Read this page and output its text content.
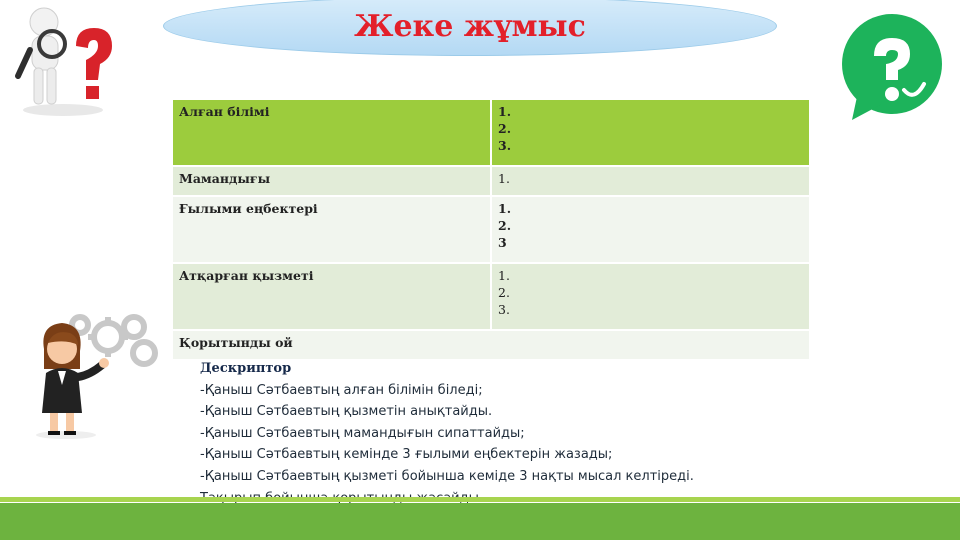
Жеке жұмыс
Алған білімі	1.
2.
3.

Мамандығы	1.

Ғылыми еңбектері	1.
2.
3

Атқарған қызметі	1.
2.
3.

Қорытынды ой	
Дескриптор
-Қаныш Сәтбаевтың алған білімін біледі;
-Қаныш Сәтбаевтың қызметін анықтайды.
-Қаныш Сәтбаевтың мамандығын сипаттайды;
-Қаныш Сәтбаевтың кемінде 3 ғылыми еңбектерін жазады;
-Қаныш Сәтбаевтың қызметі бойынша кеміде 3 нақты мысал келтіреді.
